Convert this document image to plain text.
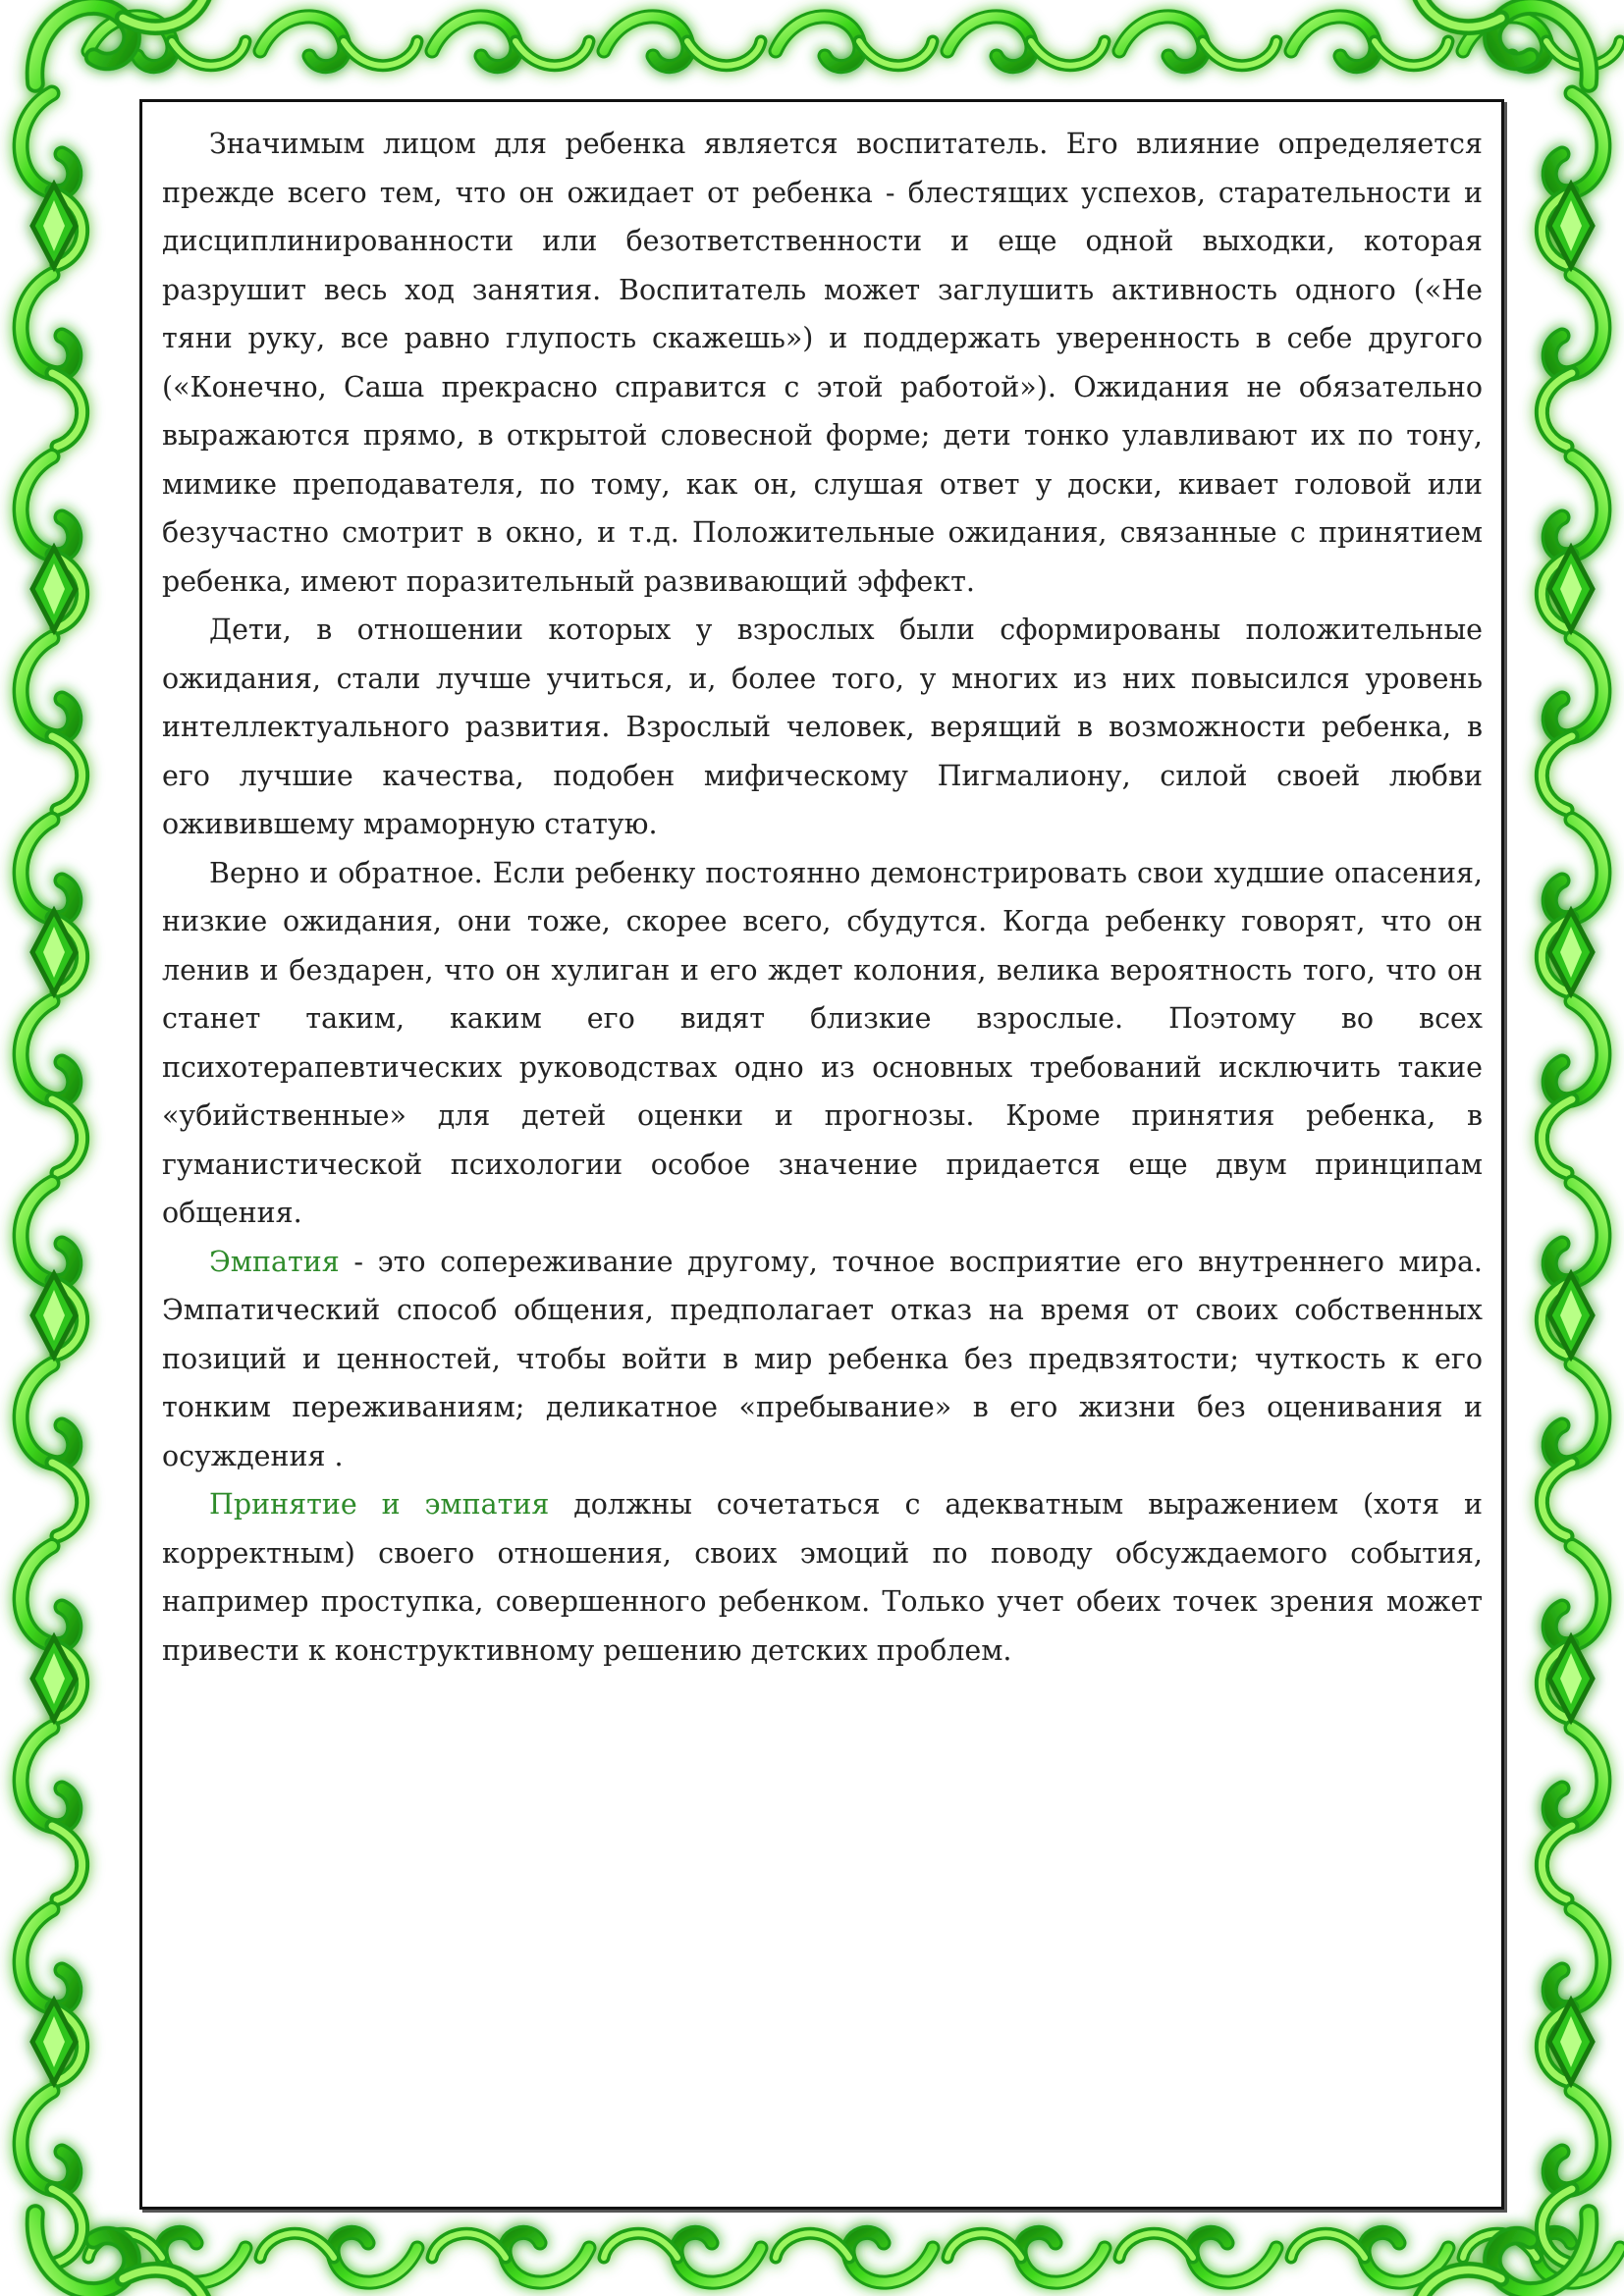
Значимым лицом для ребенка является воспитатель. Его влияние определяется прежде всего тем, что он ожидает от ребенка - блестящих успехов, старательности и дисциплинированности или безответственности и еще одной выходки, которая разрушит весь ход занятия. Воспитатель может заглушить активность одного («Не тяни руку, все равно глупость скажешь») и поддержать уверенность в себе другого («Конечно, Саша прекрасно справится с этой работой»). Ожидания не обязательно выражаются прямо, в открытой словесной форме; дети тонко улавливают их по тону, мимике преподавателя, по тому, как он, слушая ответ у доски, кивает головой или безучастно смотрит в окно, и т.д. Положительные ожидания, связанные с принятием ребенка, имеют поразительный развивающий эффект.

Дети, в отношении которых у взрослых были сформированы положительные ожидания, стали лучше учиться, и, более того, у многих из них повысился уровень интеллектуального развития. Взрослый человек, верящий в возможности ребенка, в его лучшие качества, подобен мифическому Пигмалиону, силой своей любви оживившему мраморную статую.

Верно и обратное. Если ребенку постоянно демонстрировать свои худшие опасения, низкие ожидания, они тоже, скорее всего, сбудутся. Когда ребенку говорят, что он ленив и бездарен, что он хулиган и его ждет колония, велика вероятность того, что он станет таким, каким его видят близкие взрослые. Поэтому во всех психотерапевтических руководствах одно из основных требований исключить такие «убийственные» для детей оценки и прогнозы. Кроме принятия ребенка, в гуманистической психологии особое значение придается еще двум принципам общения.

Эмпатия - это сопереживание другому, точное восприятие его внутреннего мира. Эмпатический способ общения, предполагает отказ на время от своих собственных позиций и ценностей, чтобы войти в мир ребенка без предвзятости; чуткость к его тонким переживаниям; деликатное «пребывание» в его жизни без оценивания и осуждения .

Принятие и эмпатия должны сочетаться с адекватным выражением (хотя и корректным) своего отношения, своих эмоций по поводу обсуждаемого события, например проступка, совершенного ребенком. Только учет обеих точек зрения может привести к конструктивному решению детских проблем.
